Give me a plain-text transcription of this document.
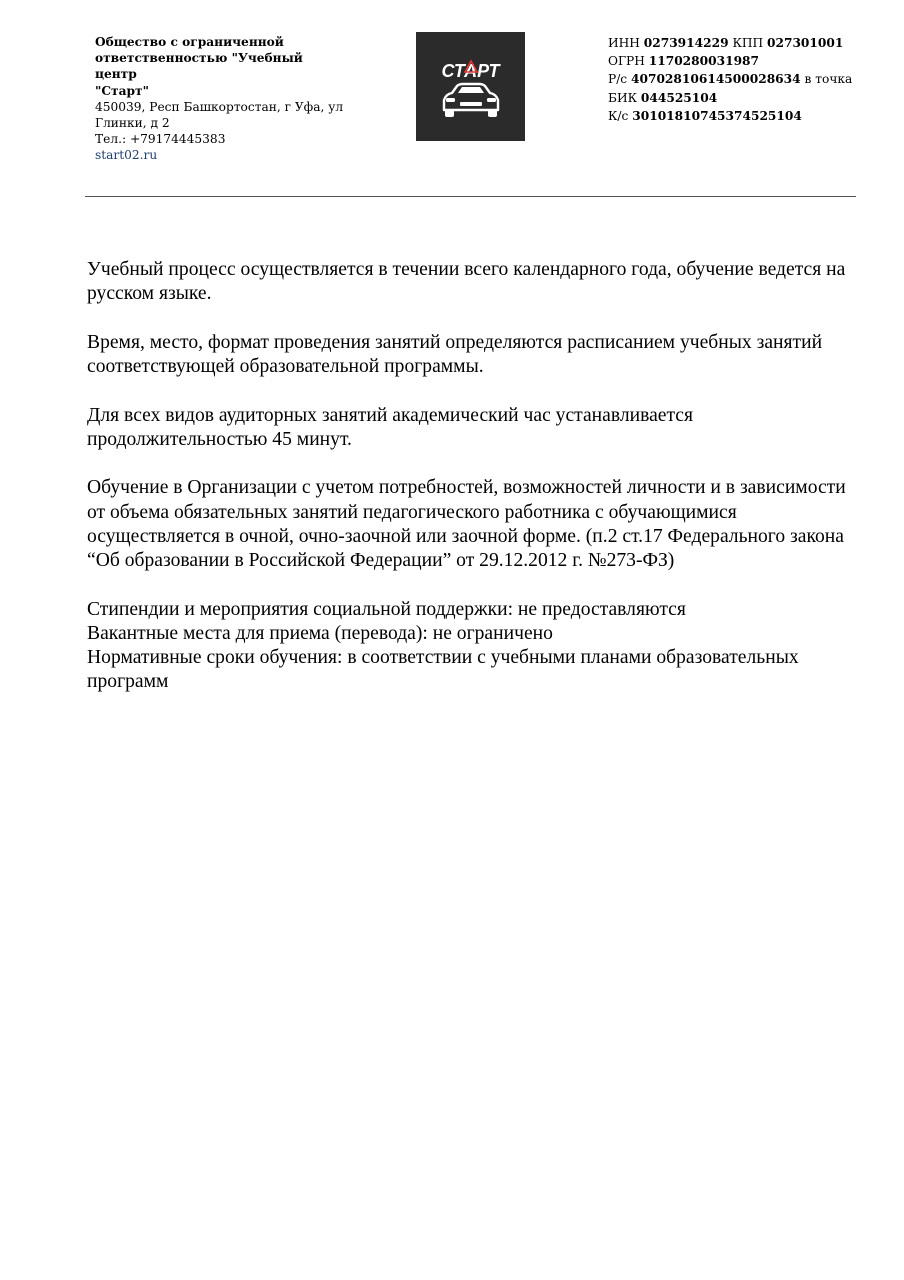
Общество с ограниченной
ответственностью "Учебный центр
"Старт"
450039, Респ Башкортостан, г Уфа, ул
Глинки, д 2
Тел.: +79174445383
start02.ru
СТАРТ
ИНН 0273914229 КПП 027301001
ОГРН 1170280031987
Р/с 40702810614500028634 в точка
БИК 044525104
К/с 30101810745374525104

Учебный процесс осуществляется в течении всего календарного года, обучение ведется на русском языке.

Время, место, формат проведения занятий определяются расписанием учебных занятий соответствующей образовательной программы.

Для всех видов аудиторных занятий академический час устанавливается продолжительностью 45 минут.

Обучение в Организации с учетом потребностей, возможностей личности и в зависимости от объема обязательных занятий педагогического работника с обучающимися осуществляется в очной, очно-заочной или заочной форме. (п.2 ст.17 Федерального закона “Об образовании в Российской Федерации” от 29.12.2012 г. №273-ФЗ)

Стипендии и мероприятия социальной поддержки: не предоставляются
Вакантные места для приема (перевода): не ограничено
Нормативные сроки обучения: в соответствии с учебными планами образовательных программ
